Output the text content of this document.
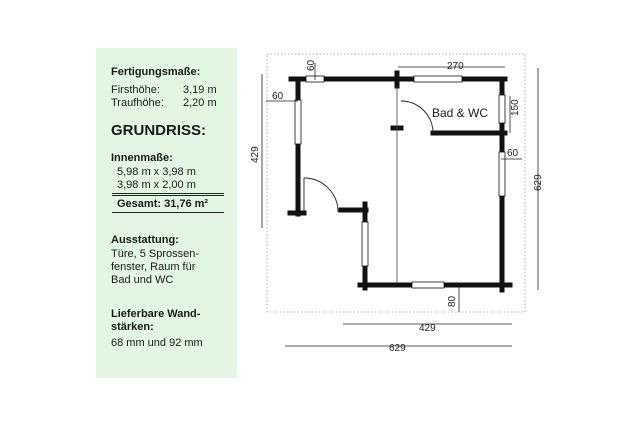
Fertigungsmaße:
Firsthöhe: 3,19 m
Traufhöhe: 2,20 m
GRUNDRISS:
Innenmaße:
5,98 m x 3,98 m
3,98 m x 2,00 m
Gesamt: 31,76 m²
Ausstattung:
Türe, 5 Sprossen-
fenster, Raum für
Bad und WC
Lieferbare Wand-
stärken:
68 mm und 92 mm
Bad & WC
60	270
60
150
60
429
629
80
429
629
